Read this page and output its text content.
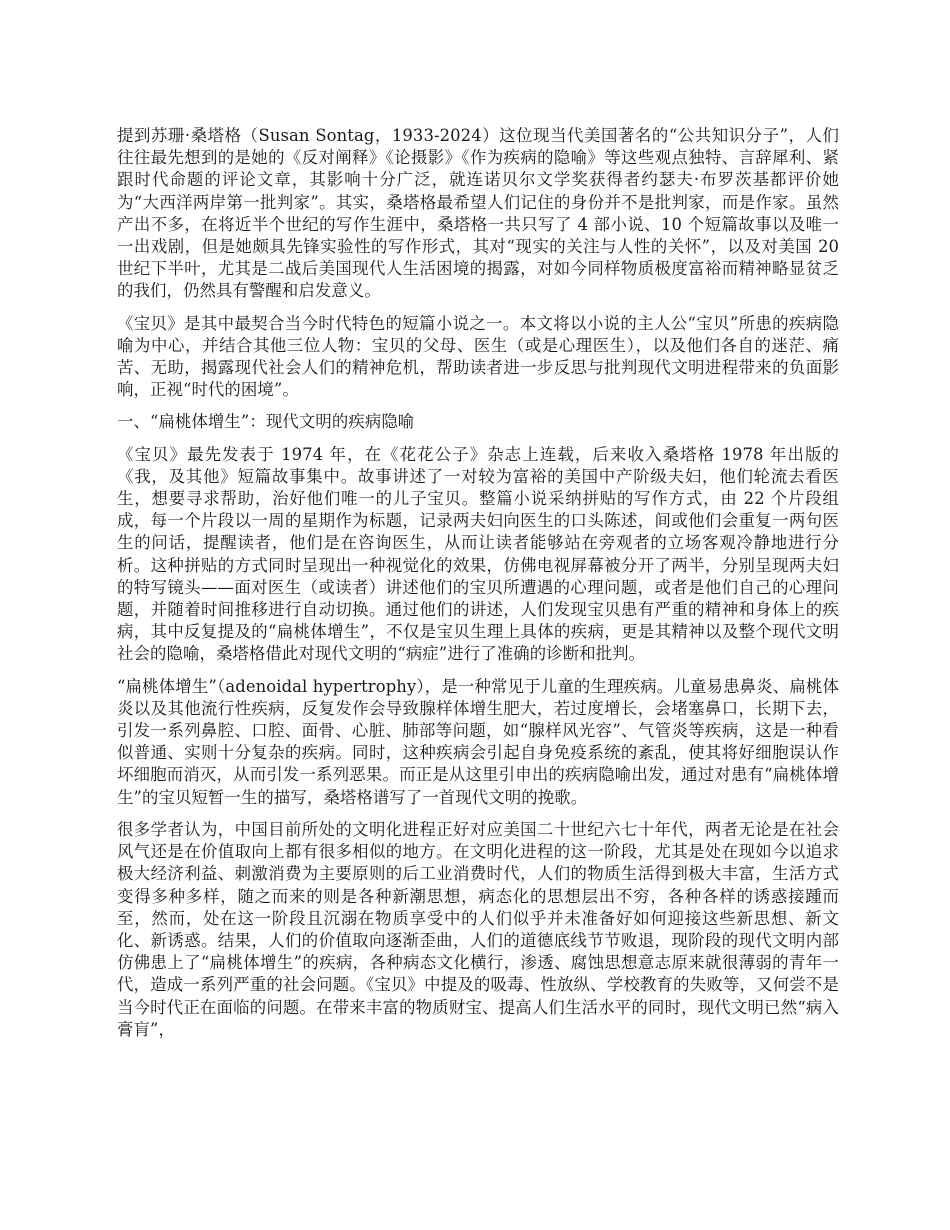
提到苏珊·桑塔格（Susan Sontag，1933-2024）这位现当代美国著名的“公共知识分子”，人们往往最先想到的是她的《反对阐释》《论摄影》《作为疾病的隐喻》等这些观点独特、言辞犀利、紧跟时代命题的评论文章，其影响十分广泛，就连诺贝尔文学奖获得者约瑟夫·布罗茨基都评价她为“大西洋两岸第一批判家”。其实，桑塔格最希望人们记住的身份并不是批判家，而是作家。虽然产出不多，在将近半个世纪的写作生涯中，桑塔格一共只写了 4 部小说、10 个短篇故事以及唯一一出戏剧，但是她颇具先锋实验性的写作形式，其对“现实的关注与人性的关怀”，以及对美国 20 世纪下半叶，尤其是二战后美国现代人生活困境的揭露，对如今同样物质极度富裕而精神略显贫乏的我们，仍然具有警醒和启发意义。

《宝贝》是其中最契合当今时代特色的短篇小说之一。本文将以小说的主人公“宝贝”所患的疾病隐喻为中心，并结合其他三位人物：宝贝的父母、医生（或是心理医生），以及他们各自的迷茫、痛苦、无助，揭露现代社会人们的精神危机，帮助读者进一步反思与批判现代文明进程带来的负面影响，正视“时代的困境”。

一、“扁桃体增生”：现代文明的疾病隐喻

《宝贝》最先发表于 1974 年，在《花花公子》杂志上连载，后来收入桑塔格 1978 年出版的《我，及其他》短篇故事集中。故事讲述了一对较为富裕的美国中产阶级夫妇，他们轮流去看医生，想要寻求帮助，治好他们唯一的儿子宝贝。整篇小说采纳拼贴的写作方式，由 22 个片段组成，每一个片段以一周的星期作为标题，记录两夫妇向医生的口头陈述，间或他们会重复一两句医生的问话，提醒读者，他们是在咨询医生，从而让读者能够站在旁观者的立场客观冷静地进行分析。这种拼贴的方式同时呈现出一种视觉化的效果，仿佛电视屏幕被分开了两半，分别呈现两夫妇的特写镜头——面对医生（或读者）讲述他们的宝贝所遭遇的心理问题，或者是他们自己的心理问题，并随着时间推移进行自动切换。通过他们的讲述，人们发现宝贝患有严重的精神和身体上的疾病，其中反复提及的“扁桃体增生”，不仅是宝贝生理上具体的疾病，更是其精神以及整个现代文明社会的隐喻，桑塔格借此对现代文明的“病症”进行了准确的诊断和批判。

“扁桃体增生”（adenoidal hypertrophy），是一种常见于儿童的生理疾病。儿童易患鼻炎、扁桃体炎以及其他流行性疾病，反复发作会导致腺样体增生肥大，若过度增长，会堵塞鼻口，长期下去，引发一系列鼻腔、口腔、面骨、心脏、肺部等问题，如“腺样风光容”、气管炎等疾病，这是一种看似普通、实则十分复杂的疾病。同时，这种疾病会引起自身免疫系统的紊乱，使其将好细胞误认作坏细胞而消灭，从而引发一系列恶果。而正是从这里引申出的疾病隐喻出发，通过对患有“扁桃体增生”的宝贝短暂一生的描写，桑塔格谱写了一首现代文明的挽歌。

很多学者认为，中国目前所处的文明化进程正好对应美国二十世纪六七十年代，两者无论是在社会风气还是在价值取向上都有很多相似的地方。在文明化进程的这一阶段，尤其是处在现如今以追求极大经济利益、刺激消费为主要原则的后工业消费时代，人们的物质生活得到极大丰富，生活方式变得多种多样，随之而来的则是各种新潮思想，病态化的思想层出不穷，各种各样的诱惑接踵而至，然而，处在这一阶段且沉溺在物质享受中的人们似乎并未准备好如何迎接这些新思想、新文化、新诱惑。结果，人们的价值取向逐渐歪曲，人们的道德底线节节败退，现阶段的现代文明内部仿佛患上了“扁桃体增生”的疾病，各种病态文化横行，渗透、腐蚀思想意志原来就很薄弱的青年一代，造成一系列严重的社会问题。《宝贝》中提及的吸毒、性放纵、学校教育的失败等，又何尝不是当今时代正在面临的问题。在带来丰富的物质财宝、提高人们生活水平的同时，现代文明已然“病入膏肓”，
